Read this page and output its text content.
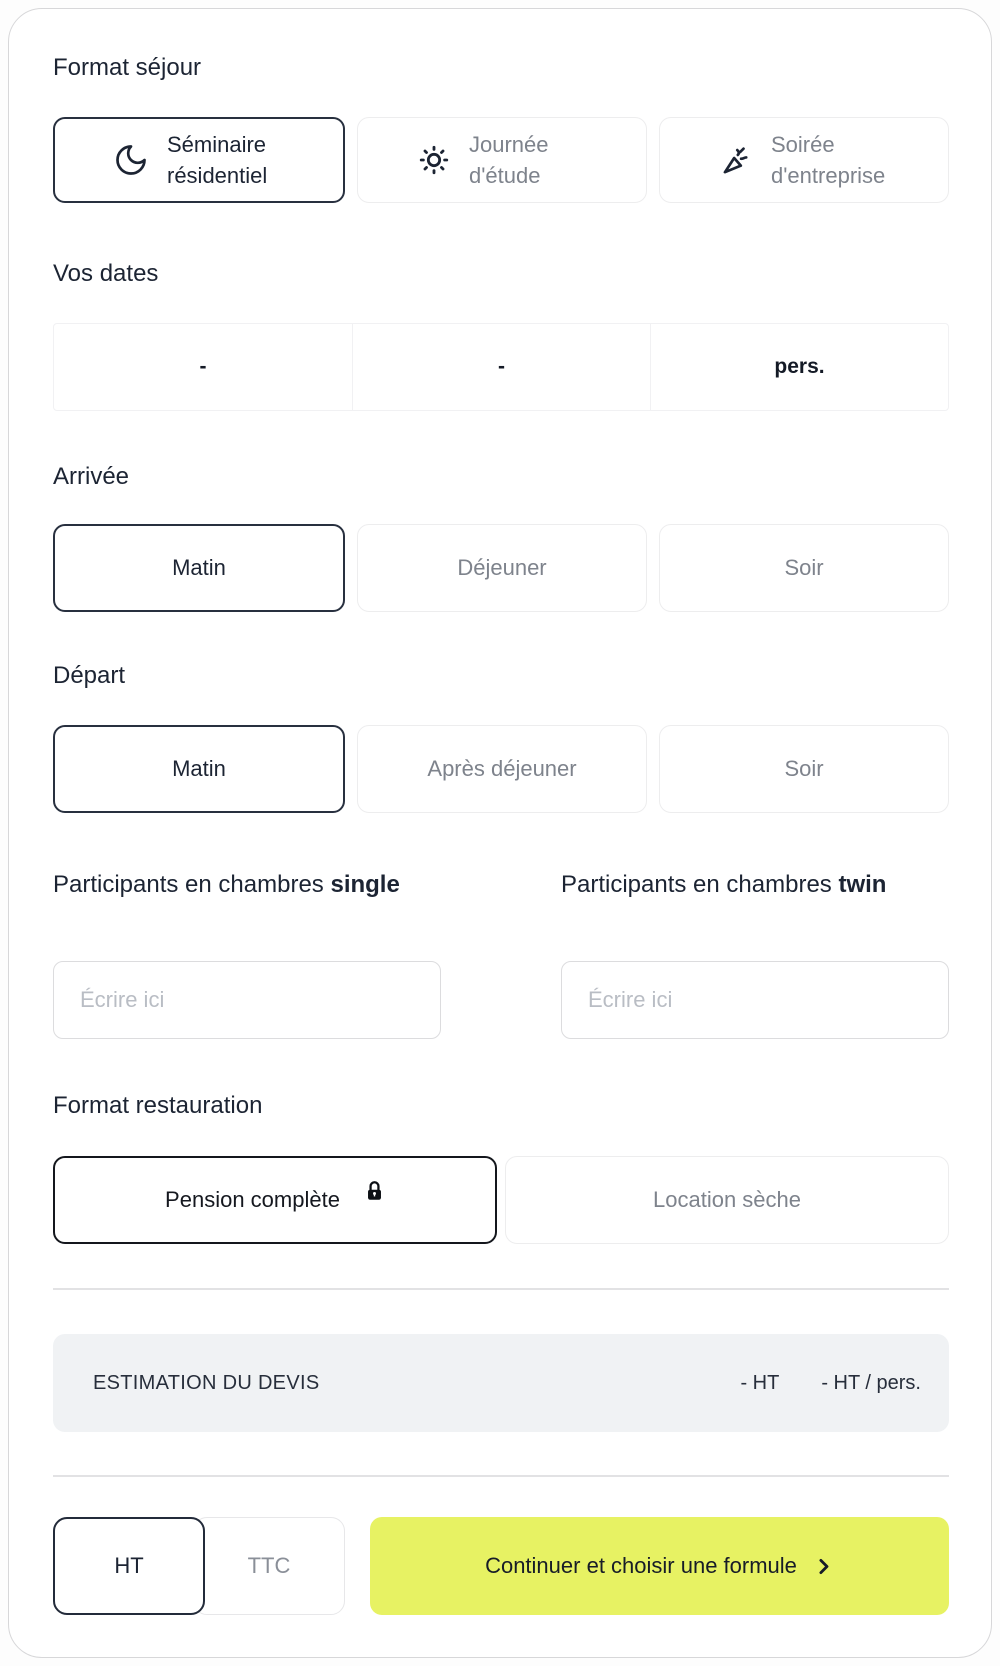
Format séjour
Séminaire résidentiel
Journée d'étude
Soirée d'entreprise
Vos dates
-	-	pers.
Arrivée
Matin	Déjeuner	Soir
Départ
Matin	Après déjeuner	Soir
Participants en chambres single	Participants en chambres twin
Écrire ici
Écrire ici
Format restauration
Pension complète	Location sèche
ESTIMATION DU DEVIS	- HT - HT / pers.
HT	TTC	Continuer et choisir une formule
